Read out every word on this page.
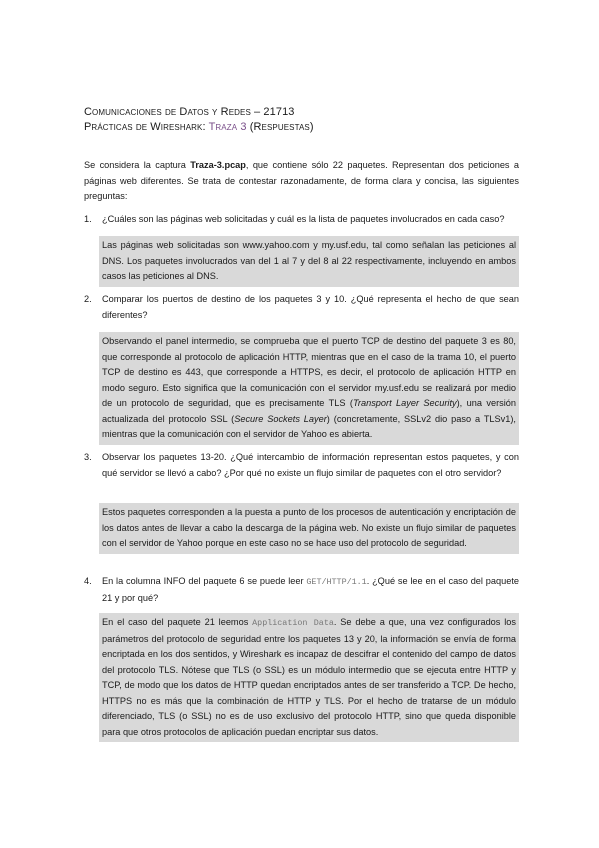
Comunicaciones de Datos y Redes – 21713
Prácticas de Wireshark: Traza 3 (Respuestas)
Se considera la captura Traza-3.pcap, que contiene sólo 22 paquetes. Representan dos peticiones a páginas web diferentes. Se trata de contestar razonadamente, de forma clara y concisa, las siguientes preguntas:
1. ¿Cuáles son las páginas web solicitadas y cuál es la lista de paquetes involucrados en cada caso?
Las páginas web solicitadas son www.yahoo.com y my.usf.edu, tal como señalan las peticiones al DNS. Los paquetes involucrados van del 1 al 7 y del 8 al 22 respectivamente, incluyendo en ambos casos las peticiones al DNS.
2. Comparar los puertos de destino de los paquetes 3 y 10. ¿Qué representa el hecho de que sean diferentes?
Observando el panel intermedio, se comprueba que el puerto TCP de destino del paquete 3 es 80, que corresponde al protocolo de aplicación HTTP, mientras que en el caso de la trama 10, el puerto TCP de destino es 443, que corresponde a HTTPS, es decir, el protocolo de aplicación HTTP en modo seguro. Esto significa que la comunicación con el servidor my.usf.edu se realizará por medio de un protocolo de seguridad, que es precisamente TLS (Transport Layer Security), una versión actualizada del protocolo SSL (Secure Sockets Layer) (concretamente, SSLv2 dio paso a TLSv1), mientras que la comunicación con el servidor de Yahoo es abierta.
3. Observar los paquetes 13-20. ¿Qué intercambio de información representan estos paquetes, y con qué servidor se llevó a cabo? ¿Por qué no existe un flujo similar de paquetes con el otro servidor?
Estos paquetes corresponden a la puesta a punto de los procesos de autenticación y encriptación de los datos antes de llevar a cabo la descarga de la página web. No existe un flujo similar de paquetes con el servidor de Yahoo porque en este caso no se hace uso del protocolo de seguridad.
4. En la columna INFO del paquete 6 se puede leer GET/HTTP/1.1. ¿Qué se lee en el caso del paquete 21 y por qué?
En el caso del paquete 21 leemos Application Data. Se debe a que, una vez configurados los parámetros del protocolo de seguridad entre los paquetes 13 y 20, la información se envía de forma encriptada en los dos sentidos, y Wireshark es incapaz de descifrar el contenido del campo de datos del protocolo TLS. Nótese que TLS (o SSL) es un módulo intermedio que se ejecuta entre HTTP y TCP, de modo que los datos de HTTP quedan encriptados antes de ser transferido a TCP. De hecho, HTTPS no es más que la combinación de HTTP y TLS. Por el hecho de tratarse de un módulo diferenciado, TLS (o SSL) no es de uso exclusivo del protocolo HTTP, sino que queda disponible para que otros protocolos de aplicación puedan encriptar sus datos.
